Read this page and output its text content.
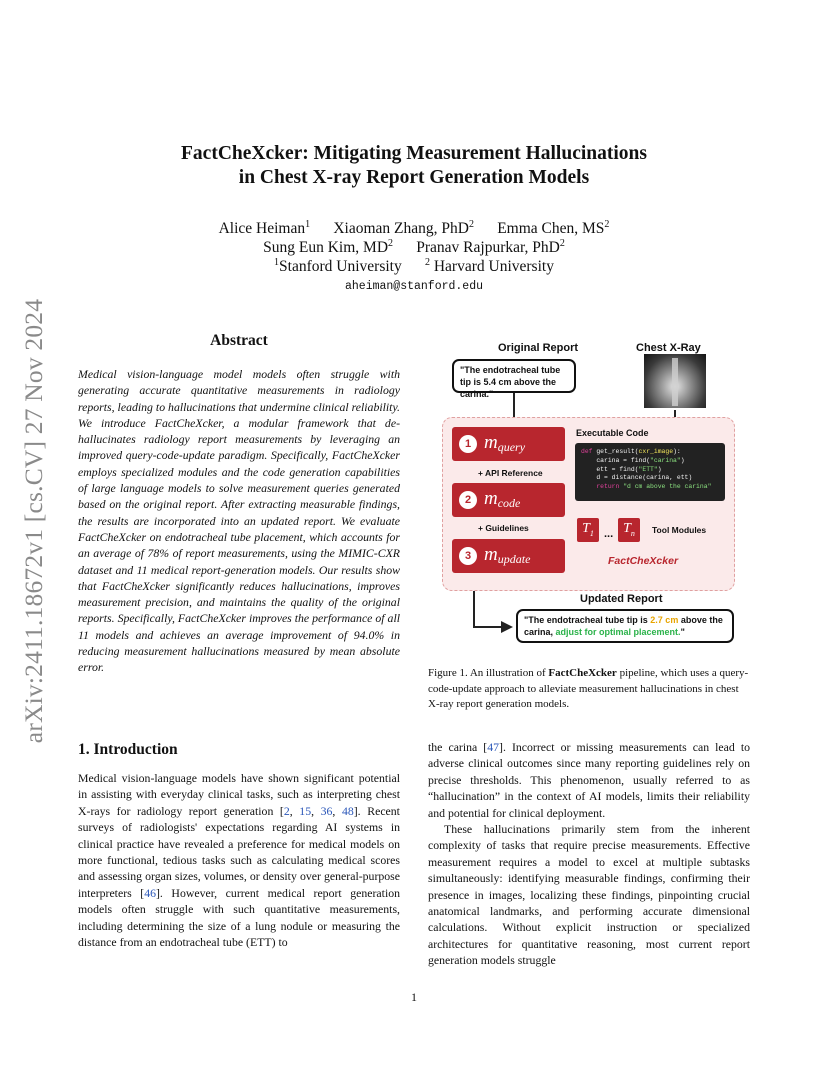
arXiv:2411.18672v1 [cs.CV] 27 Nov 2024
FactCheXcker: Mitigating Measurement Hallucinations
in Chest X-ray Report Generation Models
Alice Heiman$^1$ Xiaoman Zhang, PhD$^2$ Emma Chen, $MS^2$
Sung Eun Kim, $MD^2$ Pranav Rajpurkar, PhD$^2$
$^1$Stanford University $^2$ Harvard University
aheiman@stanford.edu
Abstract
Medical vision-language model models often struggle with generating accurate quantitative measurements in radiology reports, leading to hallucinations that undermine clinical reliability. We introduce FactCheXcker, a modular framework that de-hallucinates radiology report measurements by leveraging an improved query-code-update paradigm. Specifically, FactCheXcker employs specialized modules and the code generation capabilities of large language models to solve measurement queries generated based on the original report. After extracting measurable findings, the results are incorporated into an updated report. We evaluate FactCheXcker on endotracheal tube placement, which accounts for an average of 78% of report measurements, using the MIMIC-CXR dataset and 11 medical report-generation models. Our results show that FactCheXcker significantly reduces hallucinations, improves measurement precision, and maintains the quality of the original reports. Specifically, FactCheXcker improves the performance of all 11 models and achieves an average improvement of 94.0% in reducing measurement hallucinations measured by mean absolute error.
Original Report	Chest X-Ray
"The endotracheal tube tip is 5.4 cm above the carina."
Executable Code
1 $m_{query}$
2 $m_{code}$
3 $m_{update}$
+ API Reference
+ Guidelines
def get_result(cxr_image):
carina = find("carina")
ett = find("ETT")
d = distance(carina, ett)
return "d cm above the carina"
$T_1$ ... $T_n$	Tool Modules
FactCheXcker
Updated Report
"The endotracheal tube tip is 2.7 cm above the carina, adjust for optimal placement."
Figure 1. An illustration of FactCheXcker pipeline, which uses a query-code-update approach to alleviate measurement hallucinations in chest X-ray report generation models.
1. Introduction
Medical vision-language models have shown significant potential in assisting with everyday clinical tasks, such as interpreting chest X-rays for radiology report generation [2, 15, 36, 48]. Recent surveys of radiologists' expectations regarding AI systems in clinical practice have revealed a preference for medical models on more functional, tedious tasks such as calculating medical scores and assessing organ sizes, volumes, or density over general-purpose interpreters [46]. However, current medical report generation models often struggle with such quantitative measurements, including determining the size of a lung nodule or measuring the distance from an endotracheal tube (ETT) to
the carina [47]. Incorrect or missing measurements can lead to adverse clinical outcomes since many reporting guidelines rely on precise thresholds. This phenomenon, usually referred to as “hallucination” in the context of AI models, limits their reliability and potential for clinical deployment.
These hallucinations primarily stem from the inherent complexity of tasks that require precise measurements. Effective measurement requires a model to excel at multiple subtasks simultaneously: identifying measurable findings, confirming their presence in images, localizing these findings, pinpointing crucial anatomical landmarks, and performing accurate dimensional calculations. Without explicit instruction or specialized architectures for quantitative reasoning, most current report generation models struggle
1
